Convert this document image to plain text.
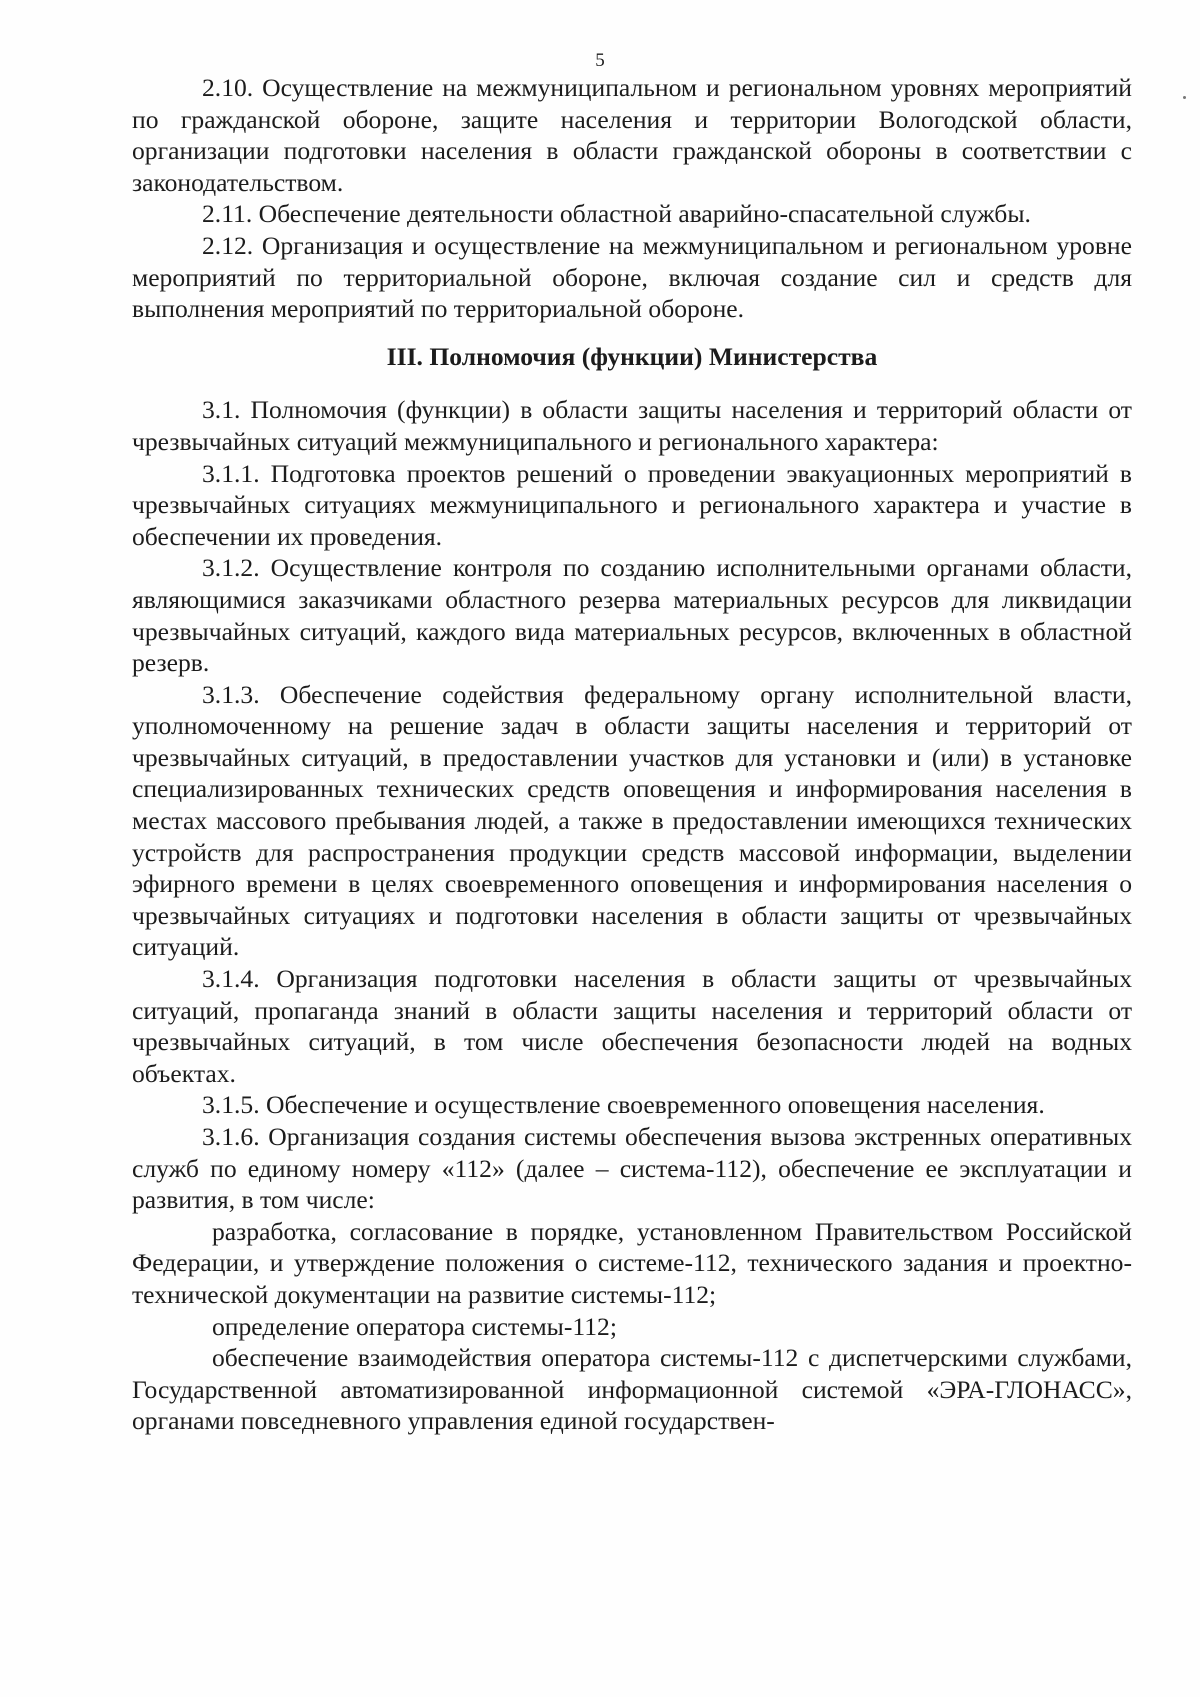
5

2.10. Осуществление на межмуниципальном и региональном уровнях мероприятий по гражданской обороне, защите населения и территории Вологодской области, организации подготовки населения в области гражданской обороны в соответствии с законодательством.

2.11. Обеспечение деятельности областной аварийно-спасательной службы.

2.12. Организация и осуществление на межмуниципальном и региональном уровне мероприятий по территориальной обороне, включая создание сил и средств для выполнения мероприятий по территориальной обороне.

III. Полномочия (функции) Министерства

3.1. Полномочия (функции) в области защиты населения и территорий области от чрезвычайных ситуаций межмуниципального и регионального характера:

3.1.1. Подготовка проектов решений о проведении эвакуационных мероприятий в чрезвычайных ситуациях межмуниципального и регионального характера и участие в обеспечении их проведения.

3.1.2. Осуществление контроля по созданию исполнительными органами области, являющимися заказчиками областного резерва материальных ресурсов для ликвидации чрезвычайных ситуаций, каждого вида материальных ресурсов, включенных в областной резерв.

3.1.3. Обеспечение содействия федеральному органу исполнительной власти, уполномоченному на решение задач в области защиты населения и территорий от чрезвычайных ситуаций, в предоставлении участков для установки и (или) в установке специализированных технических средств оповещения и информирования населения в местах массового пребывания людей, а также в предоставлении имеющихся технических устройств для распространения продукции средств массовой информации, выделении эфирного времени в целях своевременного оповещения и информирования населения о чрезвычайных ситуациях и подготовки населения в области защиты от чрезвычайных ситуаций.

3.1.4. Организация подготовки населения в области защиты от чрезвычайных ситуаций, пропаганда знаний в области защиты населения и территорий области от чрезвычайных ситуаций, в том числе обеспечения безопасности людей на водных объектах.

3.1.5. Обеспечение и осуществление своевременного оповещения населения.

3.1.6. Организация создания системы обеспечения вызова экстренных оперативных служб по единому номеру «112» (далее – система-112), обеспечение ее эксплуатации и развития, в том числе:

разработка, согласование в порядке, установленном Правительством Российской Федерации, и утверждение положения о системе-112, технического задания и проектно-технической документации на развитие системы-112;

определение оператора системы-112;

обеспечение взаимодействия оператора системы-112 с диспетчерскими службами, Государственной автоматизированной информационной системой «ЭРА-ГЛОНАСС», органами повседневного управления единой государствен-
